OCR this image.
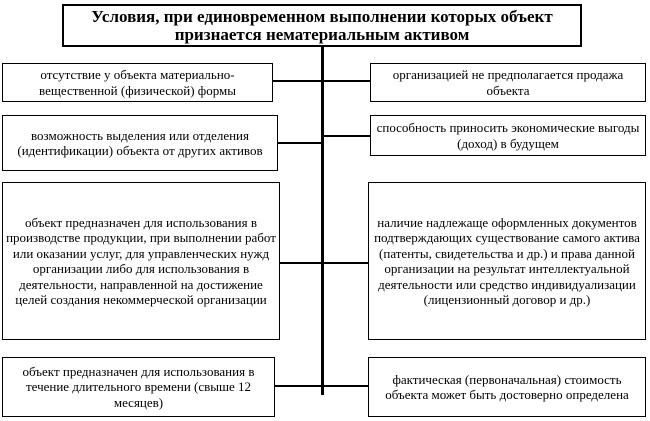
Условия, при единовременном выполнении которых объект признается нематериальным активом
отсутствие у объекта материально-вещественной (физической) формы
возможность выделения или отделения (идентификации) объекта от других активов
объект предназначен для использования в производстве продукции, при выполнении работ или оказании услуг, для управленческих нужд организации либо для использования в деятельности, направленной на достижение целей создания некоммерческой организации
объект предназначен для использования в течение длительного времени (свыше 12 месяцев)
организацией не предполагается продажа объекта
способность приносить экономические выгоды (доход) в будущем
наличие надлежаще оформленных документов подтверждающих существование самого актива (патенты, свидетельства и др.) и права данной организации на результат интеллектуальной деятельности или средство индивидуализации (лицензионный договор и др.)
фактическая (первоначальная) стоимость объекта может быть достоверно определена
